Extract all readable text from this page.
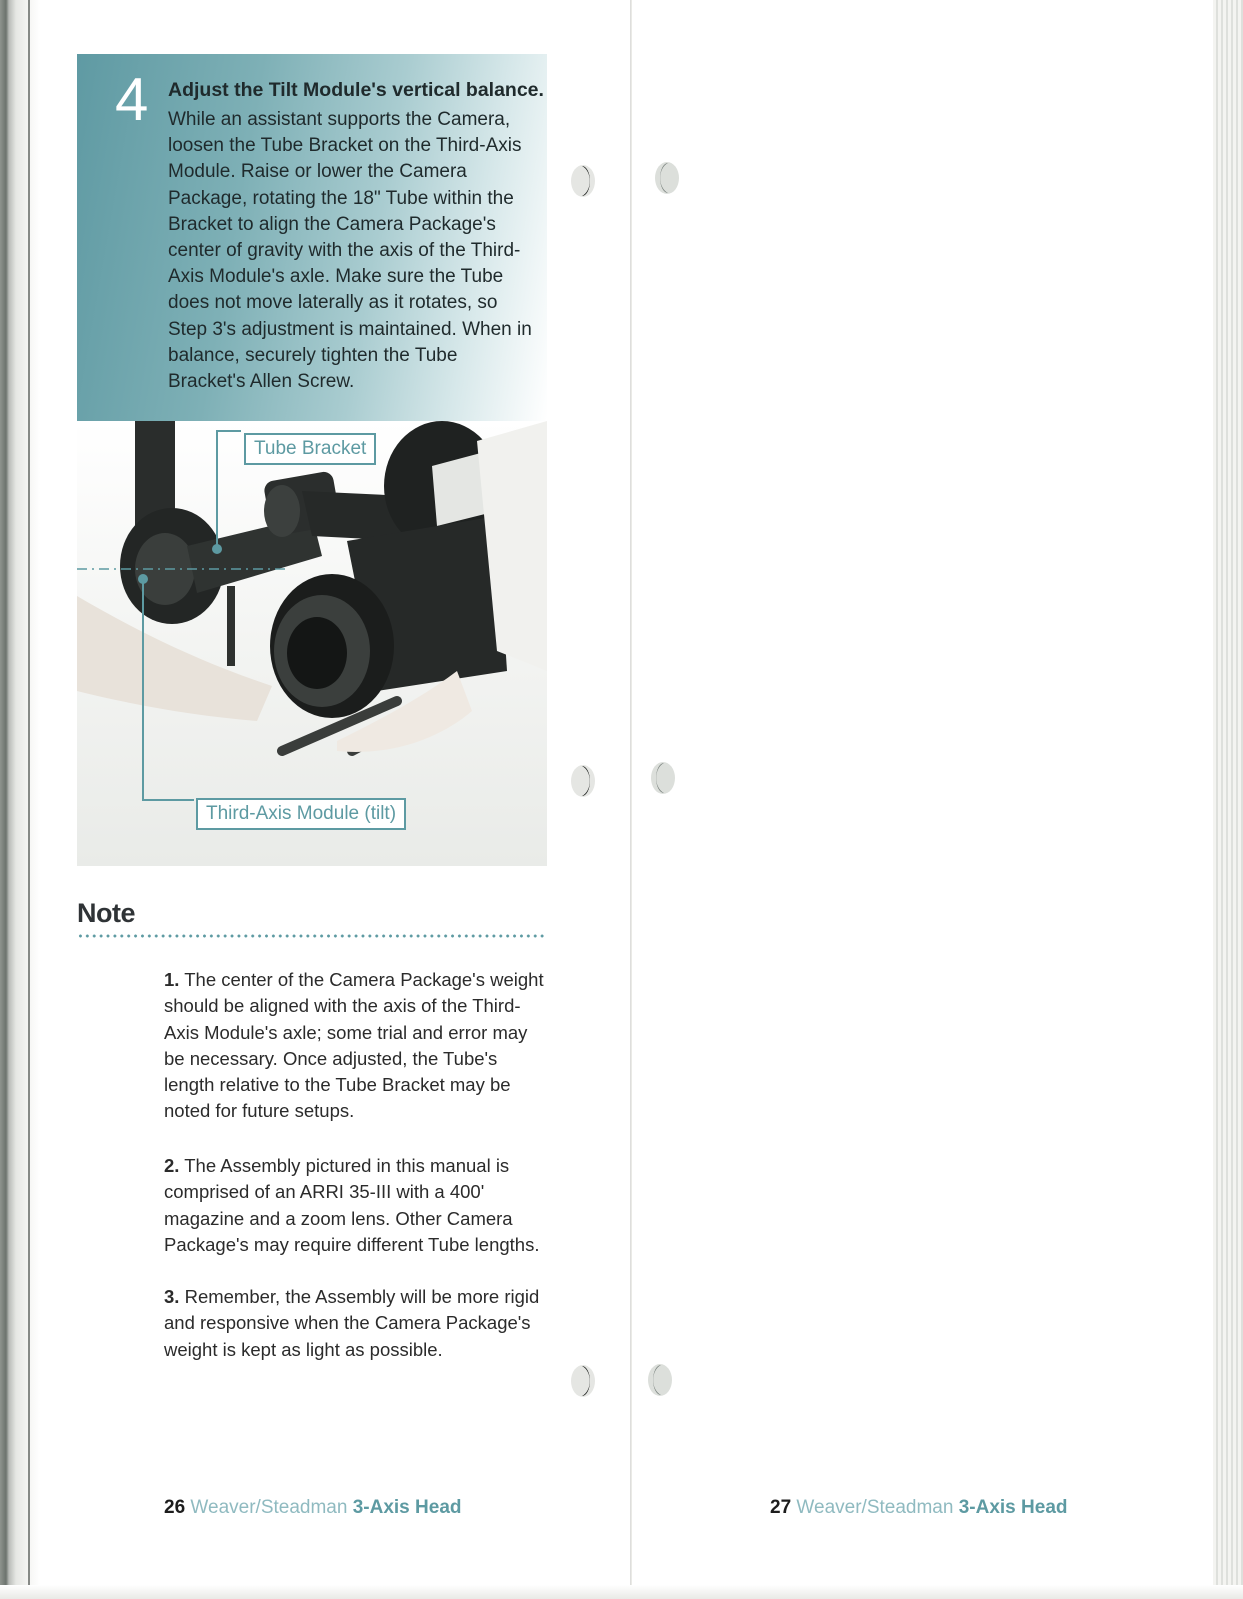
4 Adjust the Tilt Module's vertical balance.
While an assistant supports the Camera, loosen the Tube Bracket on the Third-Axis Module. Raise or lower the Camera Package, rotating the 18" Tube within the Bracket to align the Camera Package's center of gravity with the axis of the Third-Axis Module's axle. Make sure the Tube does not move laterally as it rotates, so Step 3's adjustment is maintained. When in balance, securely tighten the Tube Bracket's Allen Screw.
Tube Bracket
Third-Axis Module (tilt)
Note
1. The center of the Camera Package's weight should be aligned with the axis of the Third-Axis Module's axle; some trial and error may be necessary. Once adjusted, the Tube's length relative to the Tube Bracket may be noted for future setups.
2. The Assembly pictured in this manual is comprised of an ARRI 35-III with a 400' magazine and a zoom lens. Other Camera Package's may require different Tube lengths.
3. Remember, the Assembly will be more rigid and responsive when the Camera Package's weight is kept as light as possible.
26 Weaver/Steadman 3-Axis Head	27 Weaver/Steadman 3-Axis Head
